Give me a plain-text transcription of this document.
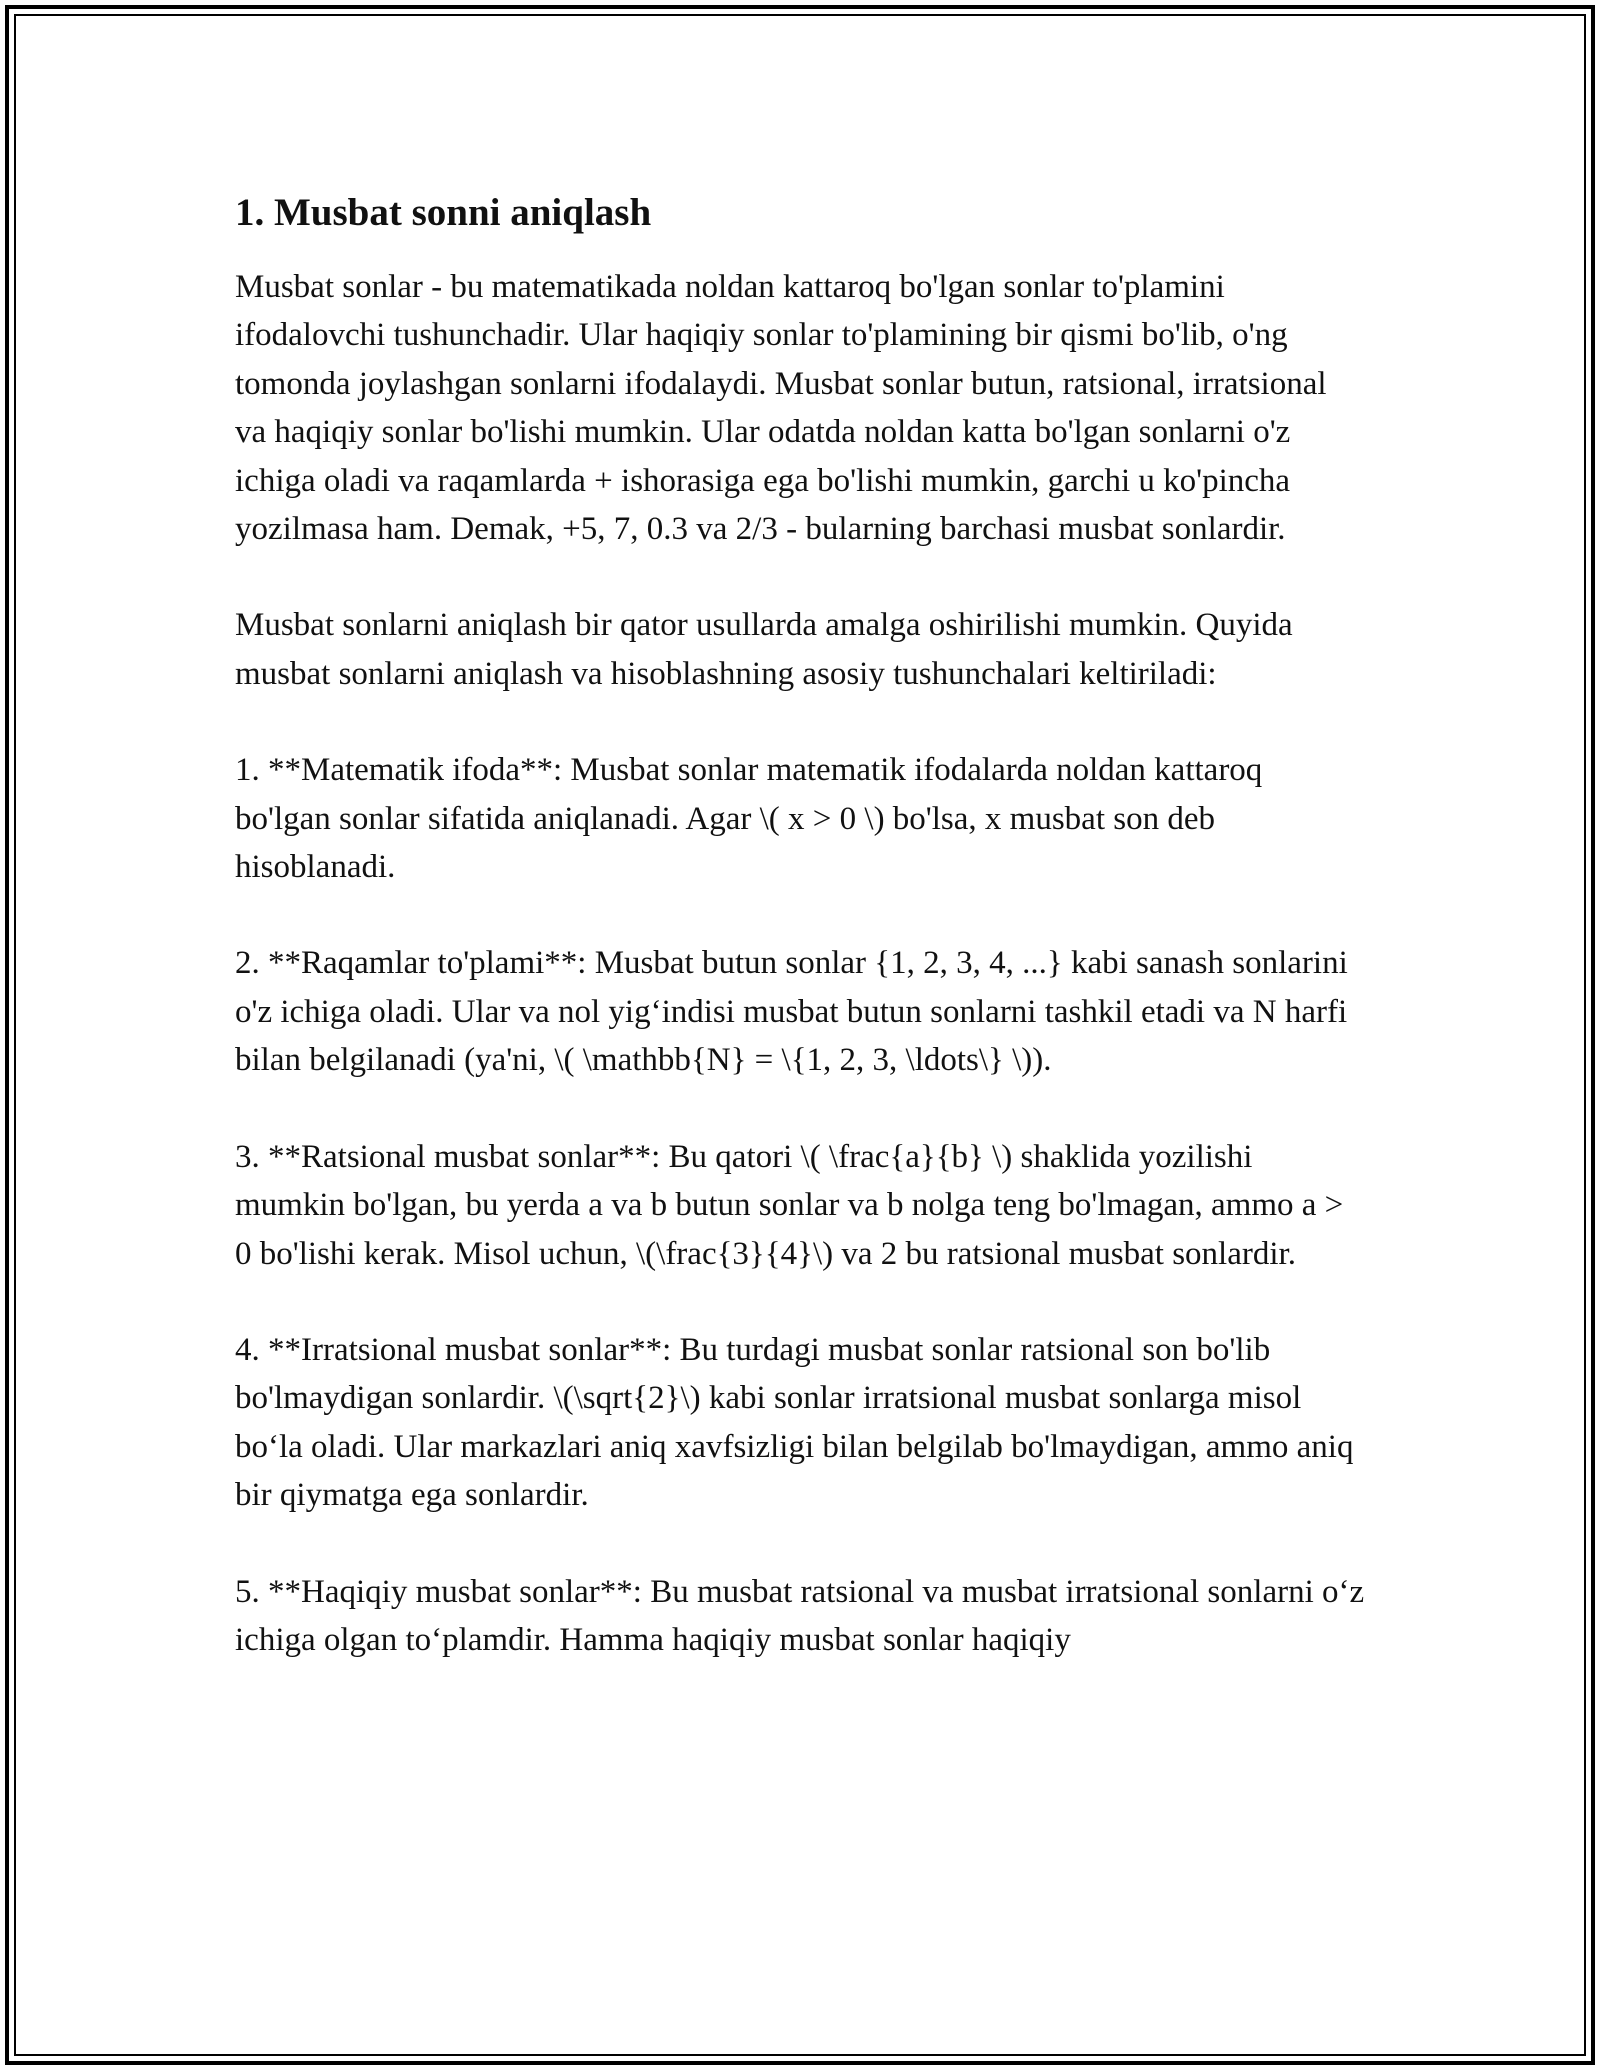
1. Musbat sonni aniqlash

Musbat sonlar - bu matematikada noldan kattaroq bo'lgan sonlar to'plamini ifodalovchi tushunchadir. Ular haqiqiy sonlar to'plamining bir qismi bo'lib, o'ng tomonda joylashgan sonlarni ifodalaydi. Musbat sonlar butun, ratsional, irratsional va haqiqiy sonlar bo'lishi mumkin. Ular odatda noldan katta bo'lgan sonlarni o'z ichiga oladi va raqamlarda + ishorasiga ega bo'lishi mumkin, garchi u ko'pincha yozilmasa ham. Demak, +5, 7, 0.3 va 2/3 - bularning barchasi musbat sonlardir.

Musbat sonlarni aniqlash bir qator usullarda amalga oshirilishi mumkin. Quyida musbat sonlarni aniqlash va hisoblashning asosiy tushunchalari keltiriladi:

1. **Matematik ifoda**: Musbat sonlar matematik ifodalarda noldan kattaroq bo'lgan sonlar sifatida aniqlanadi. Agar \( x > 0 \) bo'lsa, x musbat son deb hisoblanadi.

2. **Raqamlar to'plami**: Musbat butun sonlar {1, 2, 3, 4, ...} kabi sanash sonlarini o'z ichiga oladi. Ular va nol yig‘indisi musbat butun sonlarni tashkil etadi va N harfi bilan belgilanadi (ya'ni, \( \mathbb{N} = \{1, 2, 3, \ldots\} \)).

3. **Ratsional musbat sonlar**: Bu qatori \( \frac{a}{b} \) shaklida yozilishi mumkin bo'lgan, bu yerda a va b butun sonlar va b nolga teng bo'lmagan, ammo a > 0 bo'lishi kerak. Misol uchun, \(\frac{3}{4}\) va 2 bu ratsional musbat sonlardir.

4. **Irratsional musbat sonlar**: Bu turdagi musbat sonlar ratsional son bo'lib bo'lmaydigan sonlardir. \(\sqrt{2}\) kabi sonlar irratsional musbat sonlarga misol bo‘la oladi. Ular markazlari aniq xavfsizligi bilan belgilab bo'lmaydigan, ammo aniq bir qiymatga ega sonlardir.

5. **Haqiqiy musbat sonlar**: Bu musbat ratsional va musbat irratsional sonlarni o‘z ichiga olgan to‘plamdir. Hamma haqiqiy musbat sonlar haqiqiy
